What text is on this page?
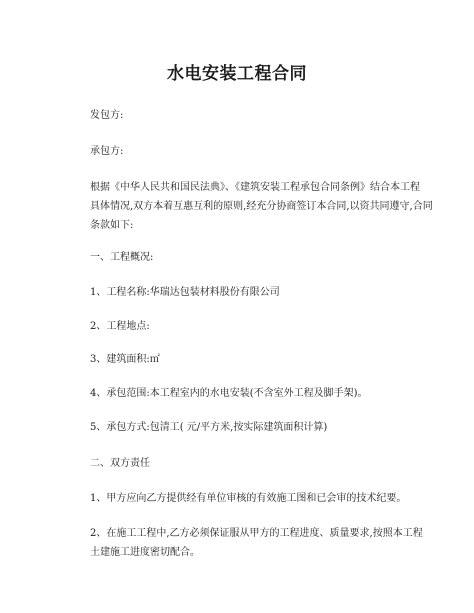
水电安装工程合同
发包方:
承包方:
根据《中华人民共和国民法典》、《建筑安装工程承包合同条例》结合本工程
具体情况,双方本着互惠互利的原则,经充分协商签订本合同,以资共同遵守,合同
条款如下:
一、工程概况:
1、工程名称:华瑞达包装材料股份有限公司
2、工程地点:
3、建筑面积:㎡
4、承包范围:本工程室内的水电安装(不含室外工程及脚手架)。
5、承包方式:包清工( 元/平方米,按实际建筑面积计算)
二、双方责任
1、甲方应向乙方提供经有单位审核的有效施工图和已会审的技术纪要。
2、在施工工程中,乙方必须保证服从甲方的工程进度、质量要求,按照本工程
土建施工进度密切配合。
